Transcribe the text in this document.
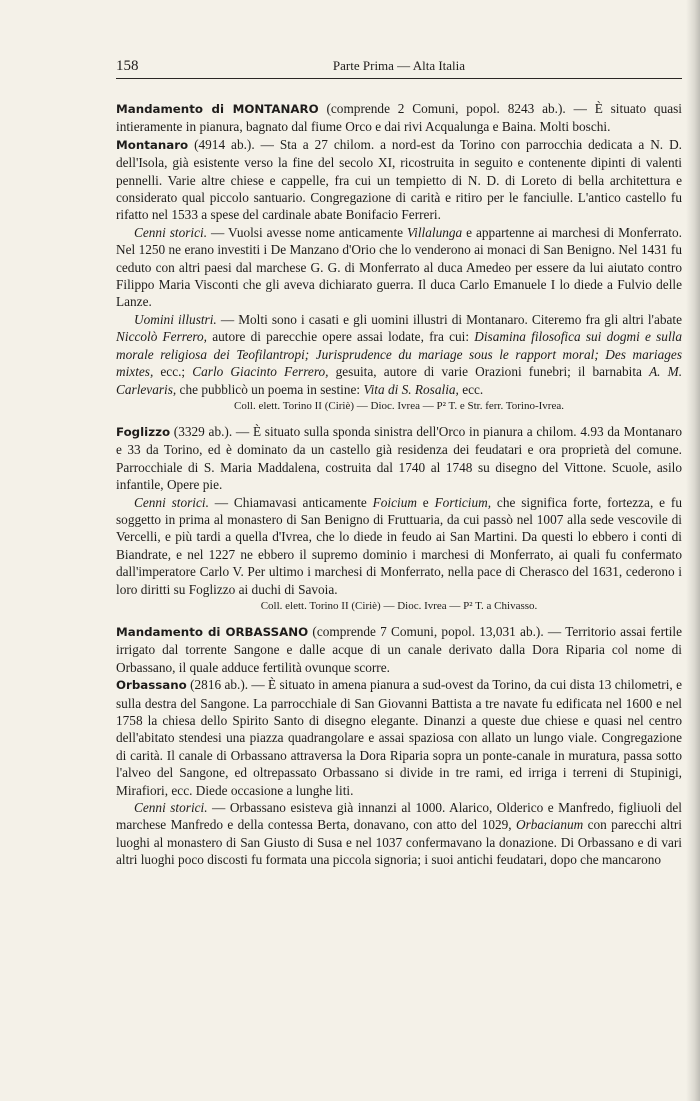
158	Parte Prima — Alta Italia

Mandamento di MONTANARO (comprende 2 Comuni, popol. 8243 ab.). — È situato quasi intieramente in pianura, bagnato dal fiume Orco e dai rivi Acqualunga e Baina. Molti boschi.

Montanaro (4914 ab.). — Sta a 27 chilom. a nord-est da Torino con parrocchia dedicata a N. D. dell'Isola, già esistente verso la fine del secolo XI, ricostruita in seguito e contenente dipinti di valenti pennelli. Varie altre chiese e cappelle, fra cui un tempietto di N. D. di Loreto di bella architettura e considerato qual piccolo santuario. Congregazione di carità e ritiro per le fanciulle. L'antico castello fu rifatto nel 1533 a spese del cardinale abate Bonifacio Ferreri.

Cenni storici. — Vuolsi avesse nome anticamente Villalunga e appartenne ai marchesi di Monferrato. Nel 1250 ne erano investiti i De Manzano d'Orio che lo venderono ai monaci di San Benigno. Nel 1431 fu ceduto con altri paesi dal marchese G. G. di Monferrato al duca Amedeo per essere da lui aiutato contro Filippo Maria Visconti che gli aveva dichiarato guerra. Il duca Carlo Emanuele I lo diede a Fulvio delle Lanze.

Uomini illustri. — Molti sono i casati e gli uomini illustri di Montanaro. Citeremo fra gli altri l'abate Niccolò Ferrero, autore di parecchie opere assai lodate, fra cui: Disamina filosofica sui dogmi e sulla morale religiosa dei Teofilantropi; Jurisprudence du mariage sous le rapport moral; Des mariages mixtes, ecc.; Carlo Giacinto Ferrero, gesuita, autore di varie Orazioni funebri; il barnabita A. M. Carlevaris, che pubblicò un poema in sestine: Vita di S. Rosalia, ecc.

Coll. elett. Torino II (Ciriè) — Dioc. Ivrea — P² T. e Str. ferr. Torino-Ivrea.

Foglizzo (3329 ab.). — È situato sulla sponda sinistra dell'Orco in pianura a chilom. 4.93 da Montanaro e 33 da Torino, ed è dominato da un castello già residenza dei feudatari e ora proprietà del comune. Parrocchiale di S. Maria Maddalena, costruita dal 1740 al 1748 su disegno del Vittone. Scuole, asilo infantile, Opere pie.

Cenni storici. — Chiamavasi anticamente Foicium e Forticium, che significa forte, fortezza, e fu soggetto in prima al monastero di San Benigno di Fruttuaria, da cui passò nel 1007 alla sede vescovile di Vercelli, e più tardi a quella d'Ivrea, che lo diede in feudo ai San Martini. Da questi lo ebbero i conti di Biandrate, e nel 1227 ne ebbero il supremo dominio i marchesi di Monferrato, ai quali fu confermato dall'imperatore Carlo V. Per ultimo i marchesi di Monferrato, nella pace di Cherasco del 1631, cederono i loro diritti su Foglizzo ai duchi di Savoia.

Coll. elett. Torino II (Ciriè) — Dioc. Ivrea — P² T. a Chivasso.

Mandamento di ORBASSANO (comprende 7 Comuni, popol. 13,031 ab.). — Territorio assai fertile irrigato dal torrente Sangone e dalle acque di un canale derivato dalla Dora Riparia col nome di Orbassano, il quale adduce fertilità ovunque scorre.

Orbassano (2816 ab.). — È situato in amena pianura a sud-ovest da Torino, da cui dista 13 chilometri, e sulla destra del Sangone. La parrocchiale di San Giovanni Battista a tre navate fu edificata nel 1600 e nel 1758 la chiesa dello Spirito Santo di disegno elegante. Dinanzi a queste due chiese e quasi nel centro dell'abitato stendesi una piazza quadrangolare e assai spaziosa con allato un lungo viale. Congregazione di carità. Il canale di Orbassano attraversa la Dora Riparia sopra un ponte-canale in muratura, passa sotto l'alveo del Sangone, ed oltrepassato Orbassano si divide in tre rami, ed irriga i terreni di Stupinigi, Mirafiori, ecc. Diede occasione a lunghe liti.

Cenni storici. — Orbassano esisteva già innanzi al 1000. Alarico, Olderico e Manfredo, figliuoli del marchese Manfredo e della contessa Berta, donavano, con atto del 1029, Orbacianum con parecchi altri luoghi al monastero di San Giusto di Susa e nel 1037 confermavano la donazione. Di Orbassano e di vari altri luoghi poco discosti fu formata una piccola signoria; i suoi antichi feudatari, dopo che mancarono
